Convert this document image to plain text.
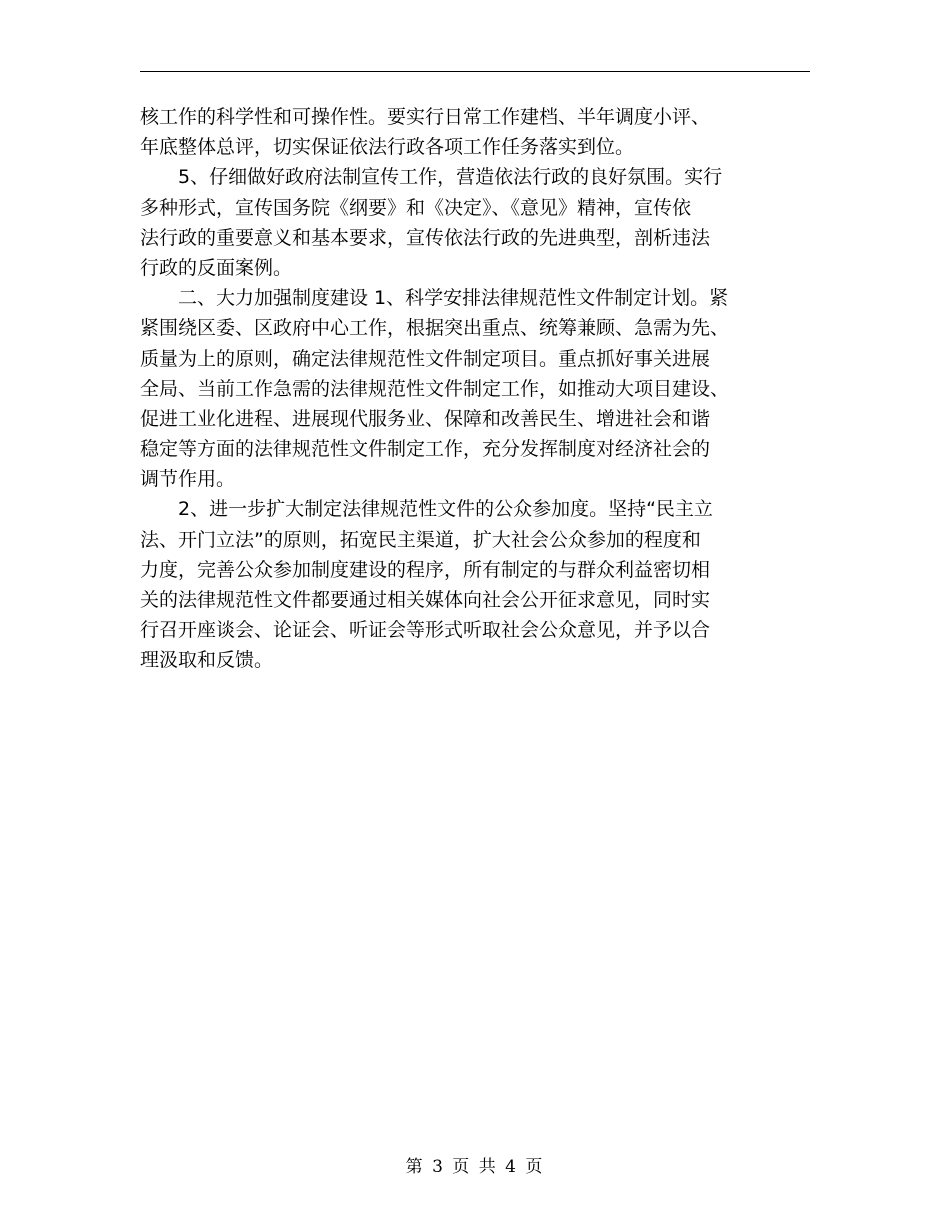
核工作的科学性和可操作性。要实行日常工作建档、半年调度小评、
年底整体总评，切实保证依法行政各项工作任务落实到位。
5、仔细做好政府法制宣传工作，营造依法行政的良好氛围。实行
多种形式，宣传国务院《纲要》和《决定》、《意见》精神，宣传依
法行政的重要意义和基本要求，宣传依法行政的先进典型，剖析违法
行政的反面案例。
二、大力加强制度建设 1、科学安排法律规范性文件制定计划。紧
紧围绕区委、区政府中心工作，根据突出重点、统筹兼顾、急需为先、
质量为上的原则，确定法律规范性文件制定项目。重点抓好事关进展
全局、当前工作急需的法律规范性文件制定工作，如推动大项目建设、
促进工业化进程、进展现代服务业、保障和改善民生、增进社会和谐
稳定等方面的法律规范性文件制定工作，充分发挥制度对经济社会的
调节作用。
2、进一步扩大制定法律规范性文件的公众参加度。坚持“民主立
法、开门立法”的原则，拓宽民主渠道，扩大社会公众参加的程度和
力度，完善公众参加制度建设的程序，所有制定的与群众利益密切相
关的法律规范性文件都要通过相关媒体向社会公开征求意见，同时实
行召开座谈会、论证会、听证会等形式听取社会公众意见，并予以合
理汲取和反馈。
第 3 页 共 4 页
